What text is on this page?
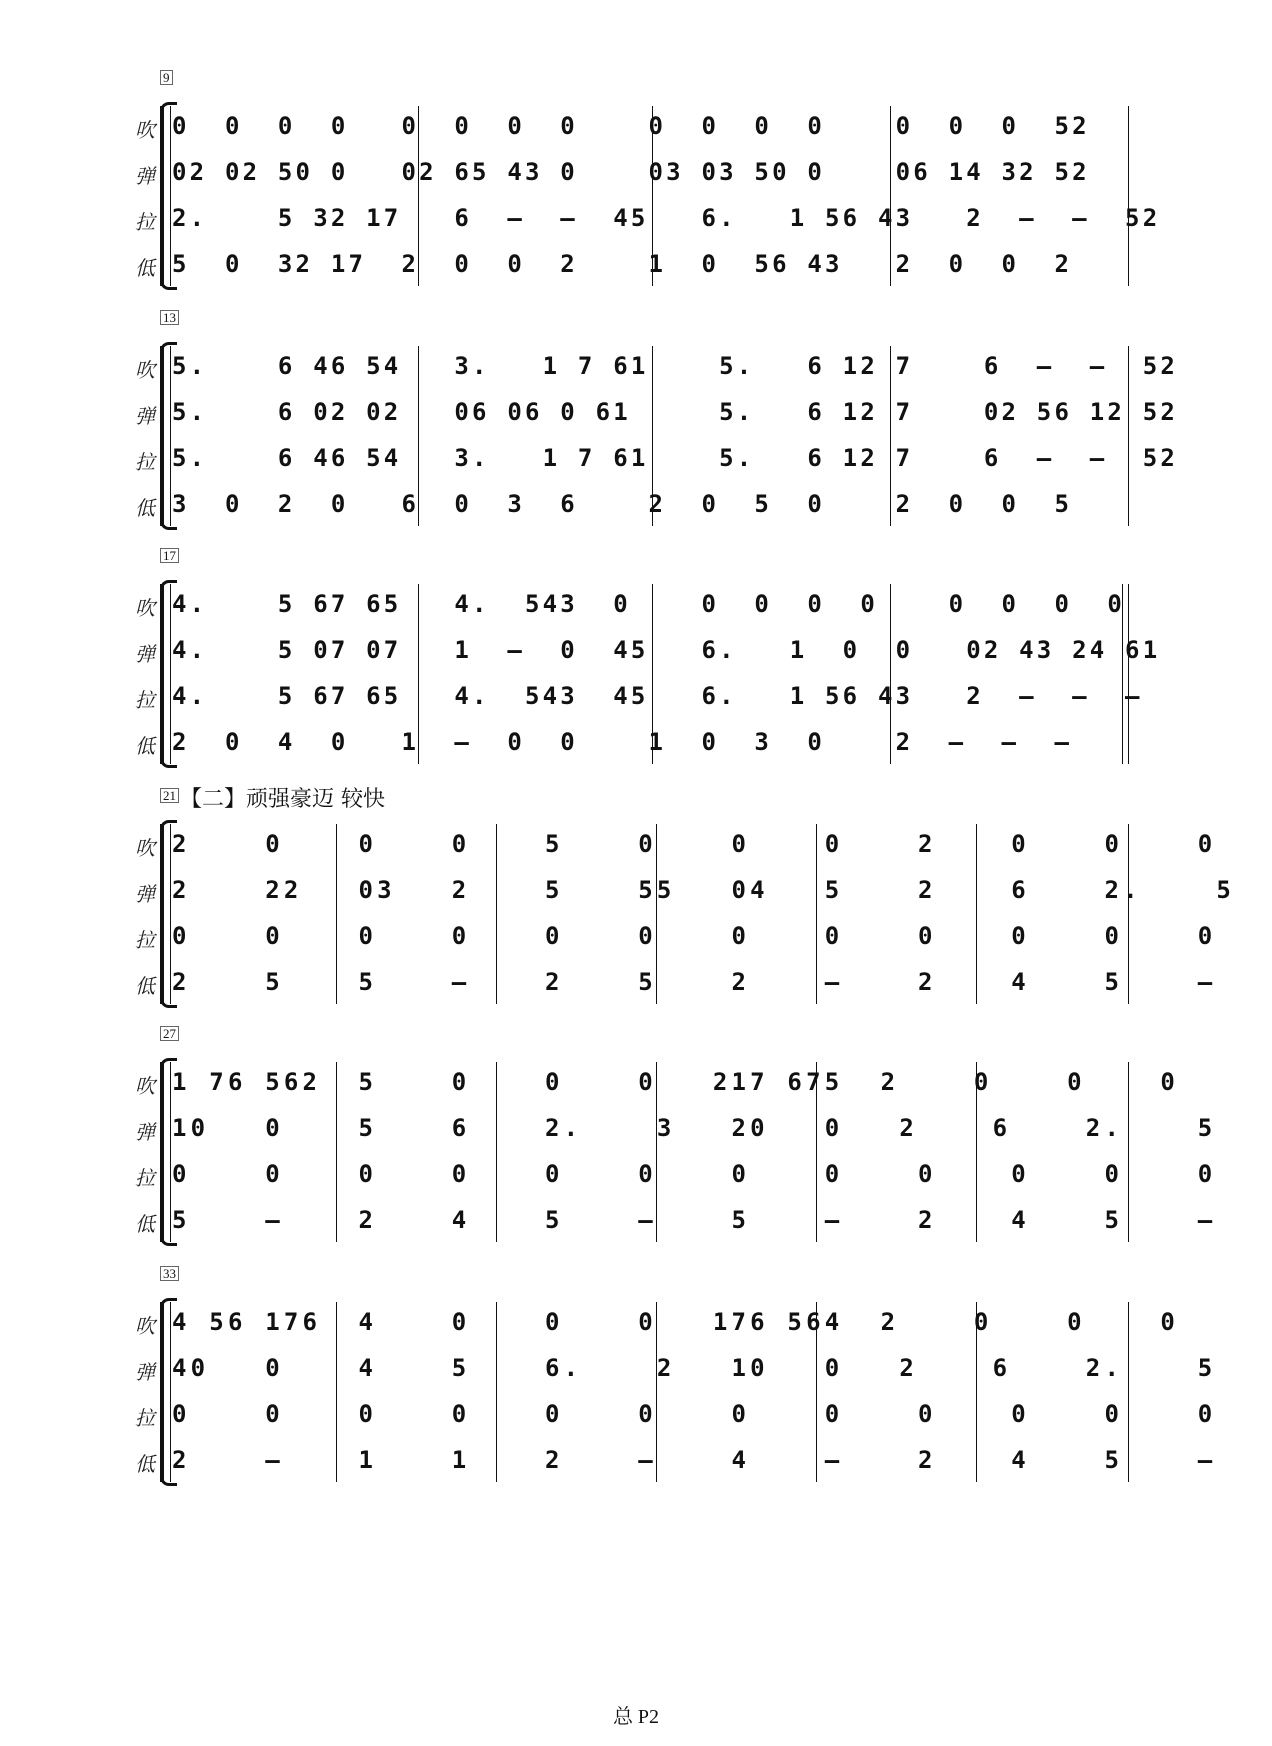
9
吹 0  0  0  0   0  0  0  0    0  0  0  0    0  0  0  52
弹 02 02 50 0   02 65 43 0    03 03 50 0    06 14 32 52
拉 2.    5 32 17   6  –  –  45   6.   1 56 43   2  –  –  52
低 5  0  32 17  2  0  0  2    1  0  56 43   2  0  0  2
13
吹 5.    6 46 54   3.   1 7 61    5.   6 12 7    6  –  –  52
弹 5.    6 02 02   06 06 0 61     5.   6 12 7    02 56 12 52
拉 5.    6 46 54   3.   1 7 61    5.   6 12 7    6  –  –  52
低 3  0  2  0   6  0  3  6    2  0  5  0    2  0  0  5
17
吹 4.    5 67 65   4.  543  0    0  0  0  0    0  0  0  0
弹 4.    5 07 07   1  –  0  45   6.   1  0  0   02 43 24 61
拉 4.    5 67 65   4.  543  45   6.   1 56 43   2  –  –  –
低 2  0  4  0   1  –  0  0    1  0  3  0    2  –  –  –
21 【二】顽强豪迈 较快
吹 2    0    0    0    5    0    0    0    2    0    0    0
弹 2    22   03   2    5    55   04   5    2    6    2.    5
拉 0    0    0    0    0    0    0    0    0    0    0    0
低 2    5    5    –    2    5    2    –    2    4    5    –
27
吹 1 76 562  5    0    0    0   217 675  2    0    0    0
弹 10   0    5    6    2.    3   20   0   2    6    2.    5
拉 0    0    0    0    0    0    0    0    0    0    0    0
低 5    –    2    4    5    –    5    –    2    4    5    –
33
吹 4 56 176  4    0    0    0   176 564  2    0    0    0
弹 40   0    4    5    6.    2   10   0   2    6    2.    5
拉 0    0    0    0    0    0    0    0    0    0    0    0
低 2    –    1    1    2    –    4    –    2    4    5    –
总 P2
